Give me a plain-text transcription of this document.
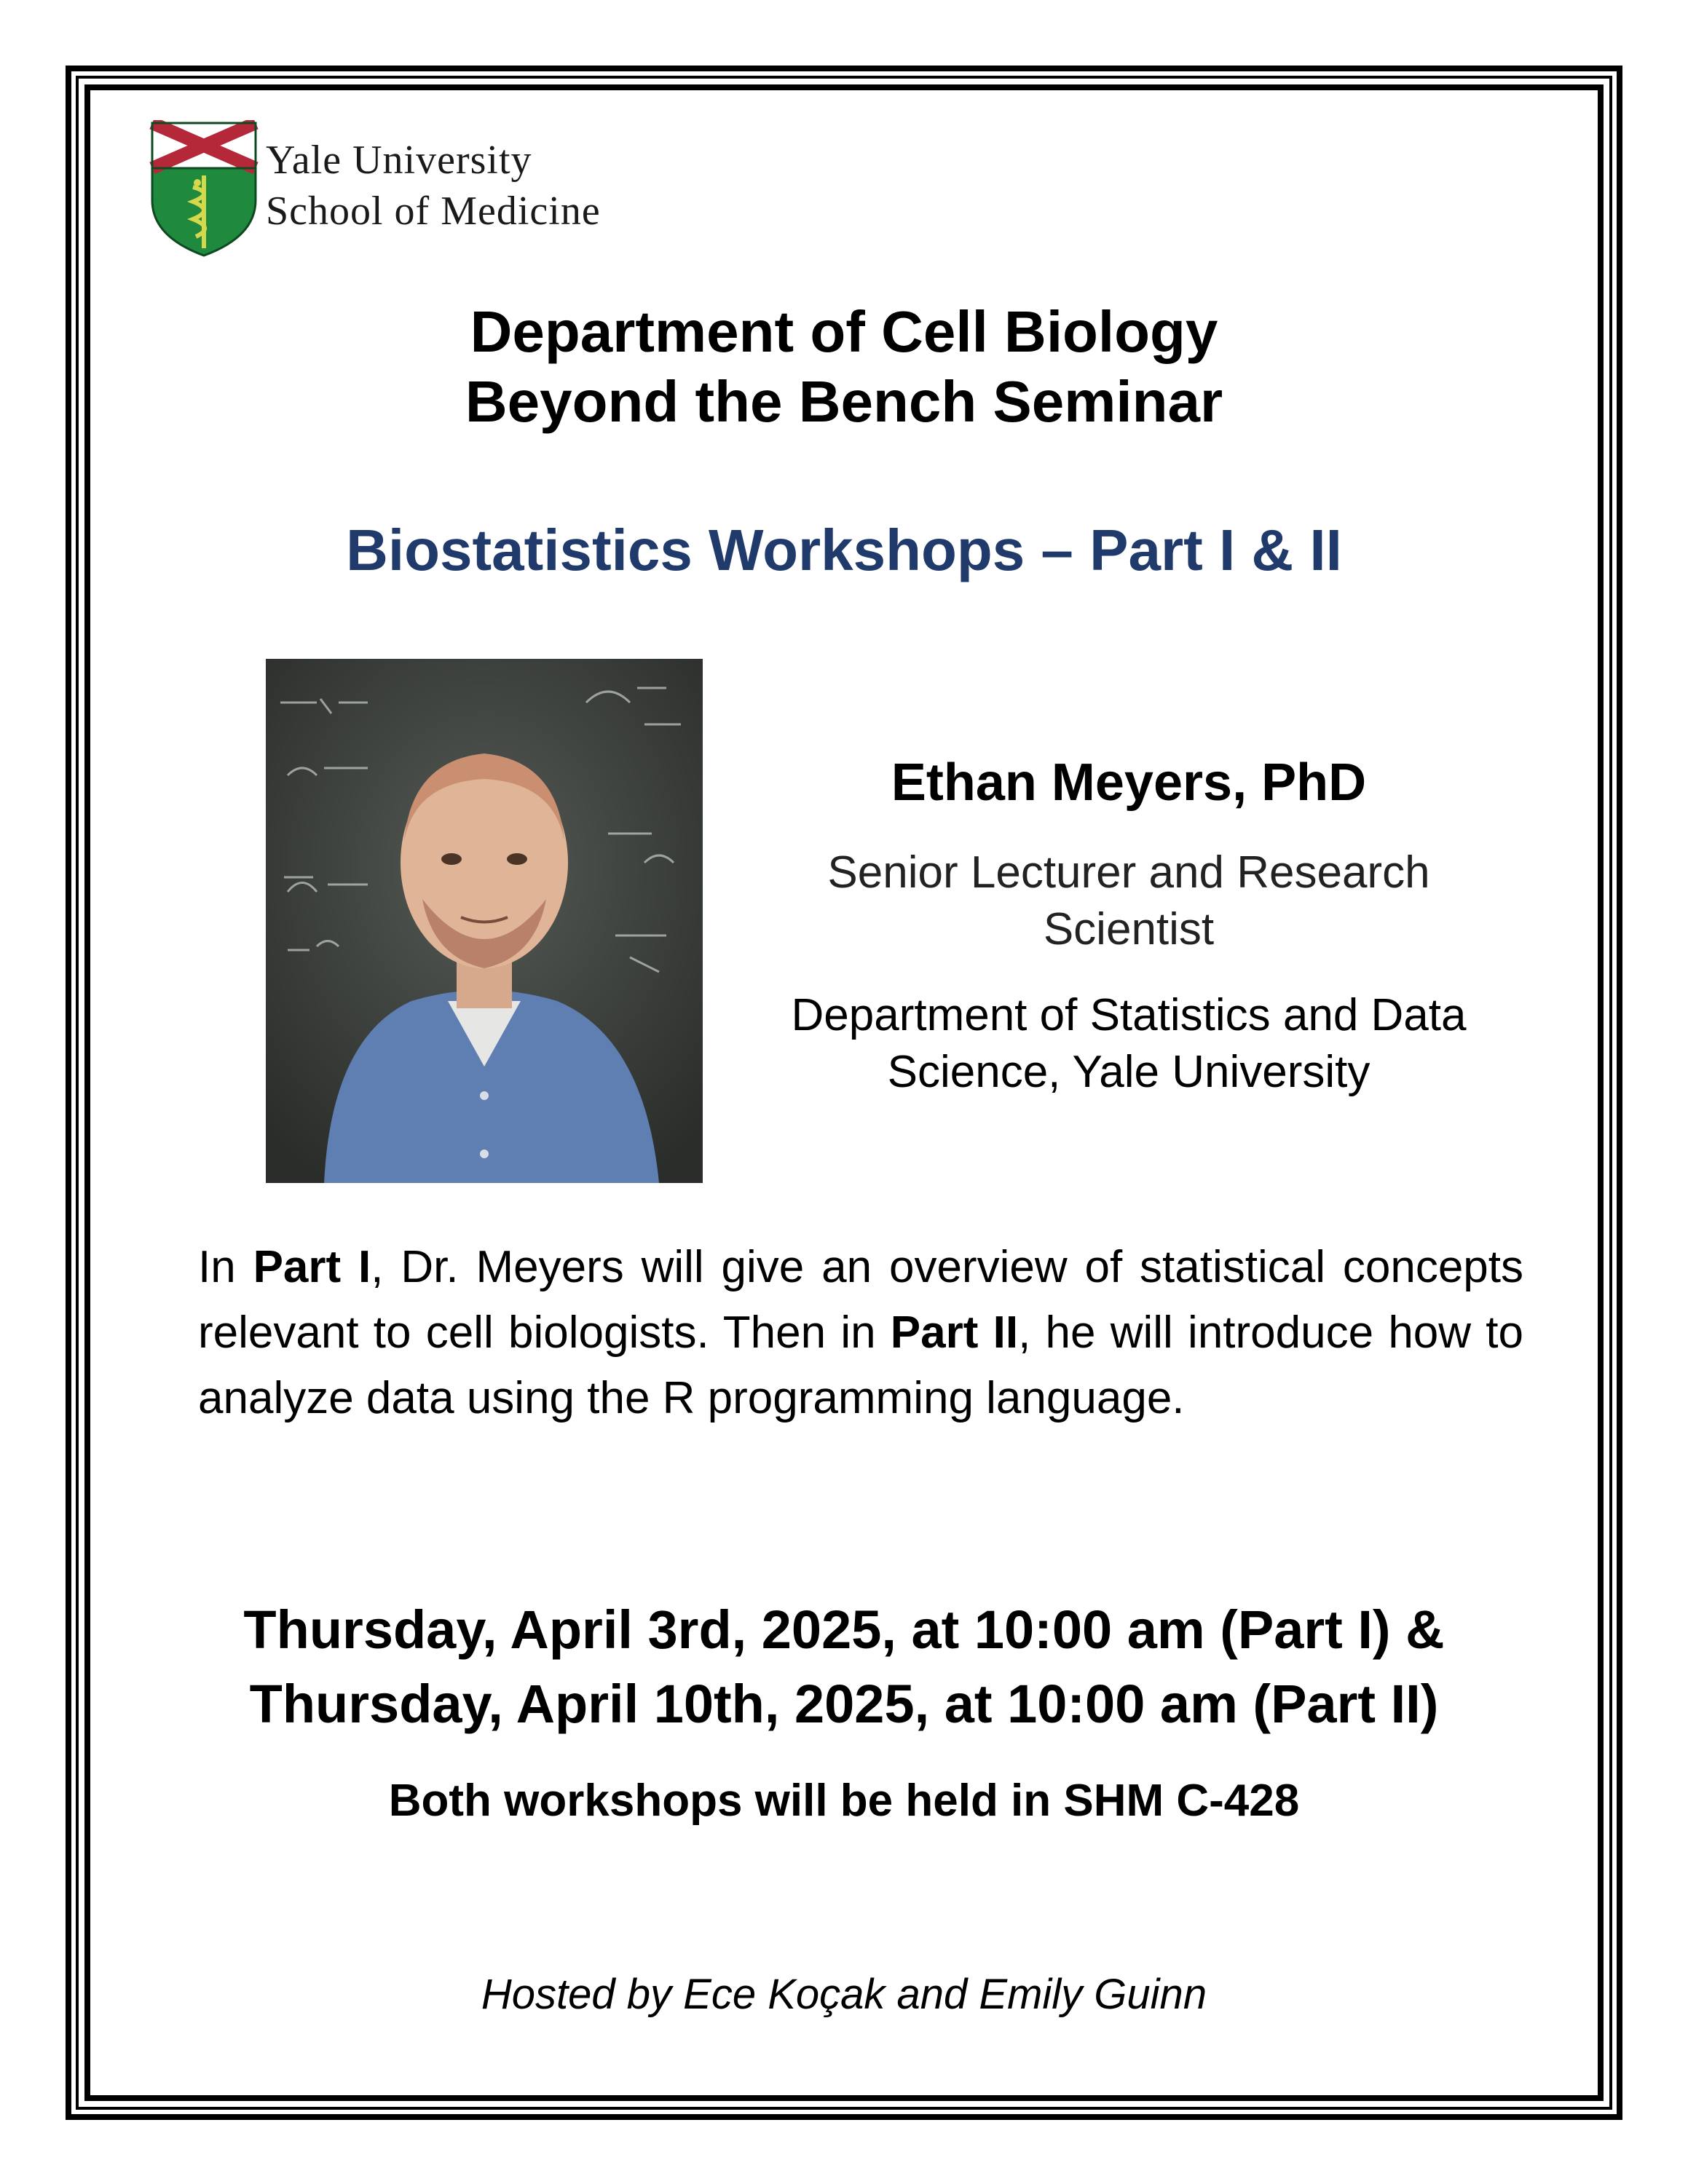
Yale University
School of Medicine
Department of Cell Biology
Beyond the Bench Seminar
Biostatistics Workshops – Part I & II
Ethan Meyers, PhD
Senior Lecturer and Research
Scientist
Department of Statistics and Data
Science, Yale University
In Part I, Dr. Meyers will give an overview of statistical concepts relevant to cell biologists. Then in Part II, he will introduce how to analyze data using the R programming language.
Thursday, April 3rd, 2025, at 10:00 am (Part I) &
Thursday, April 10th, 2025, at 10:00 am (Part II)
Both workshops will be held in SHM C-428
Hosted by Ece Koçak and Emily Guinn
